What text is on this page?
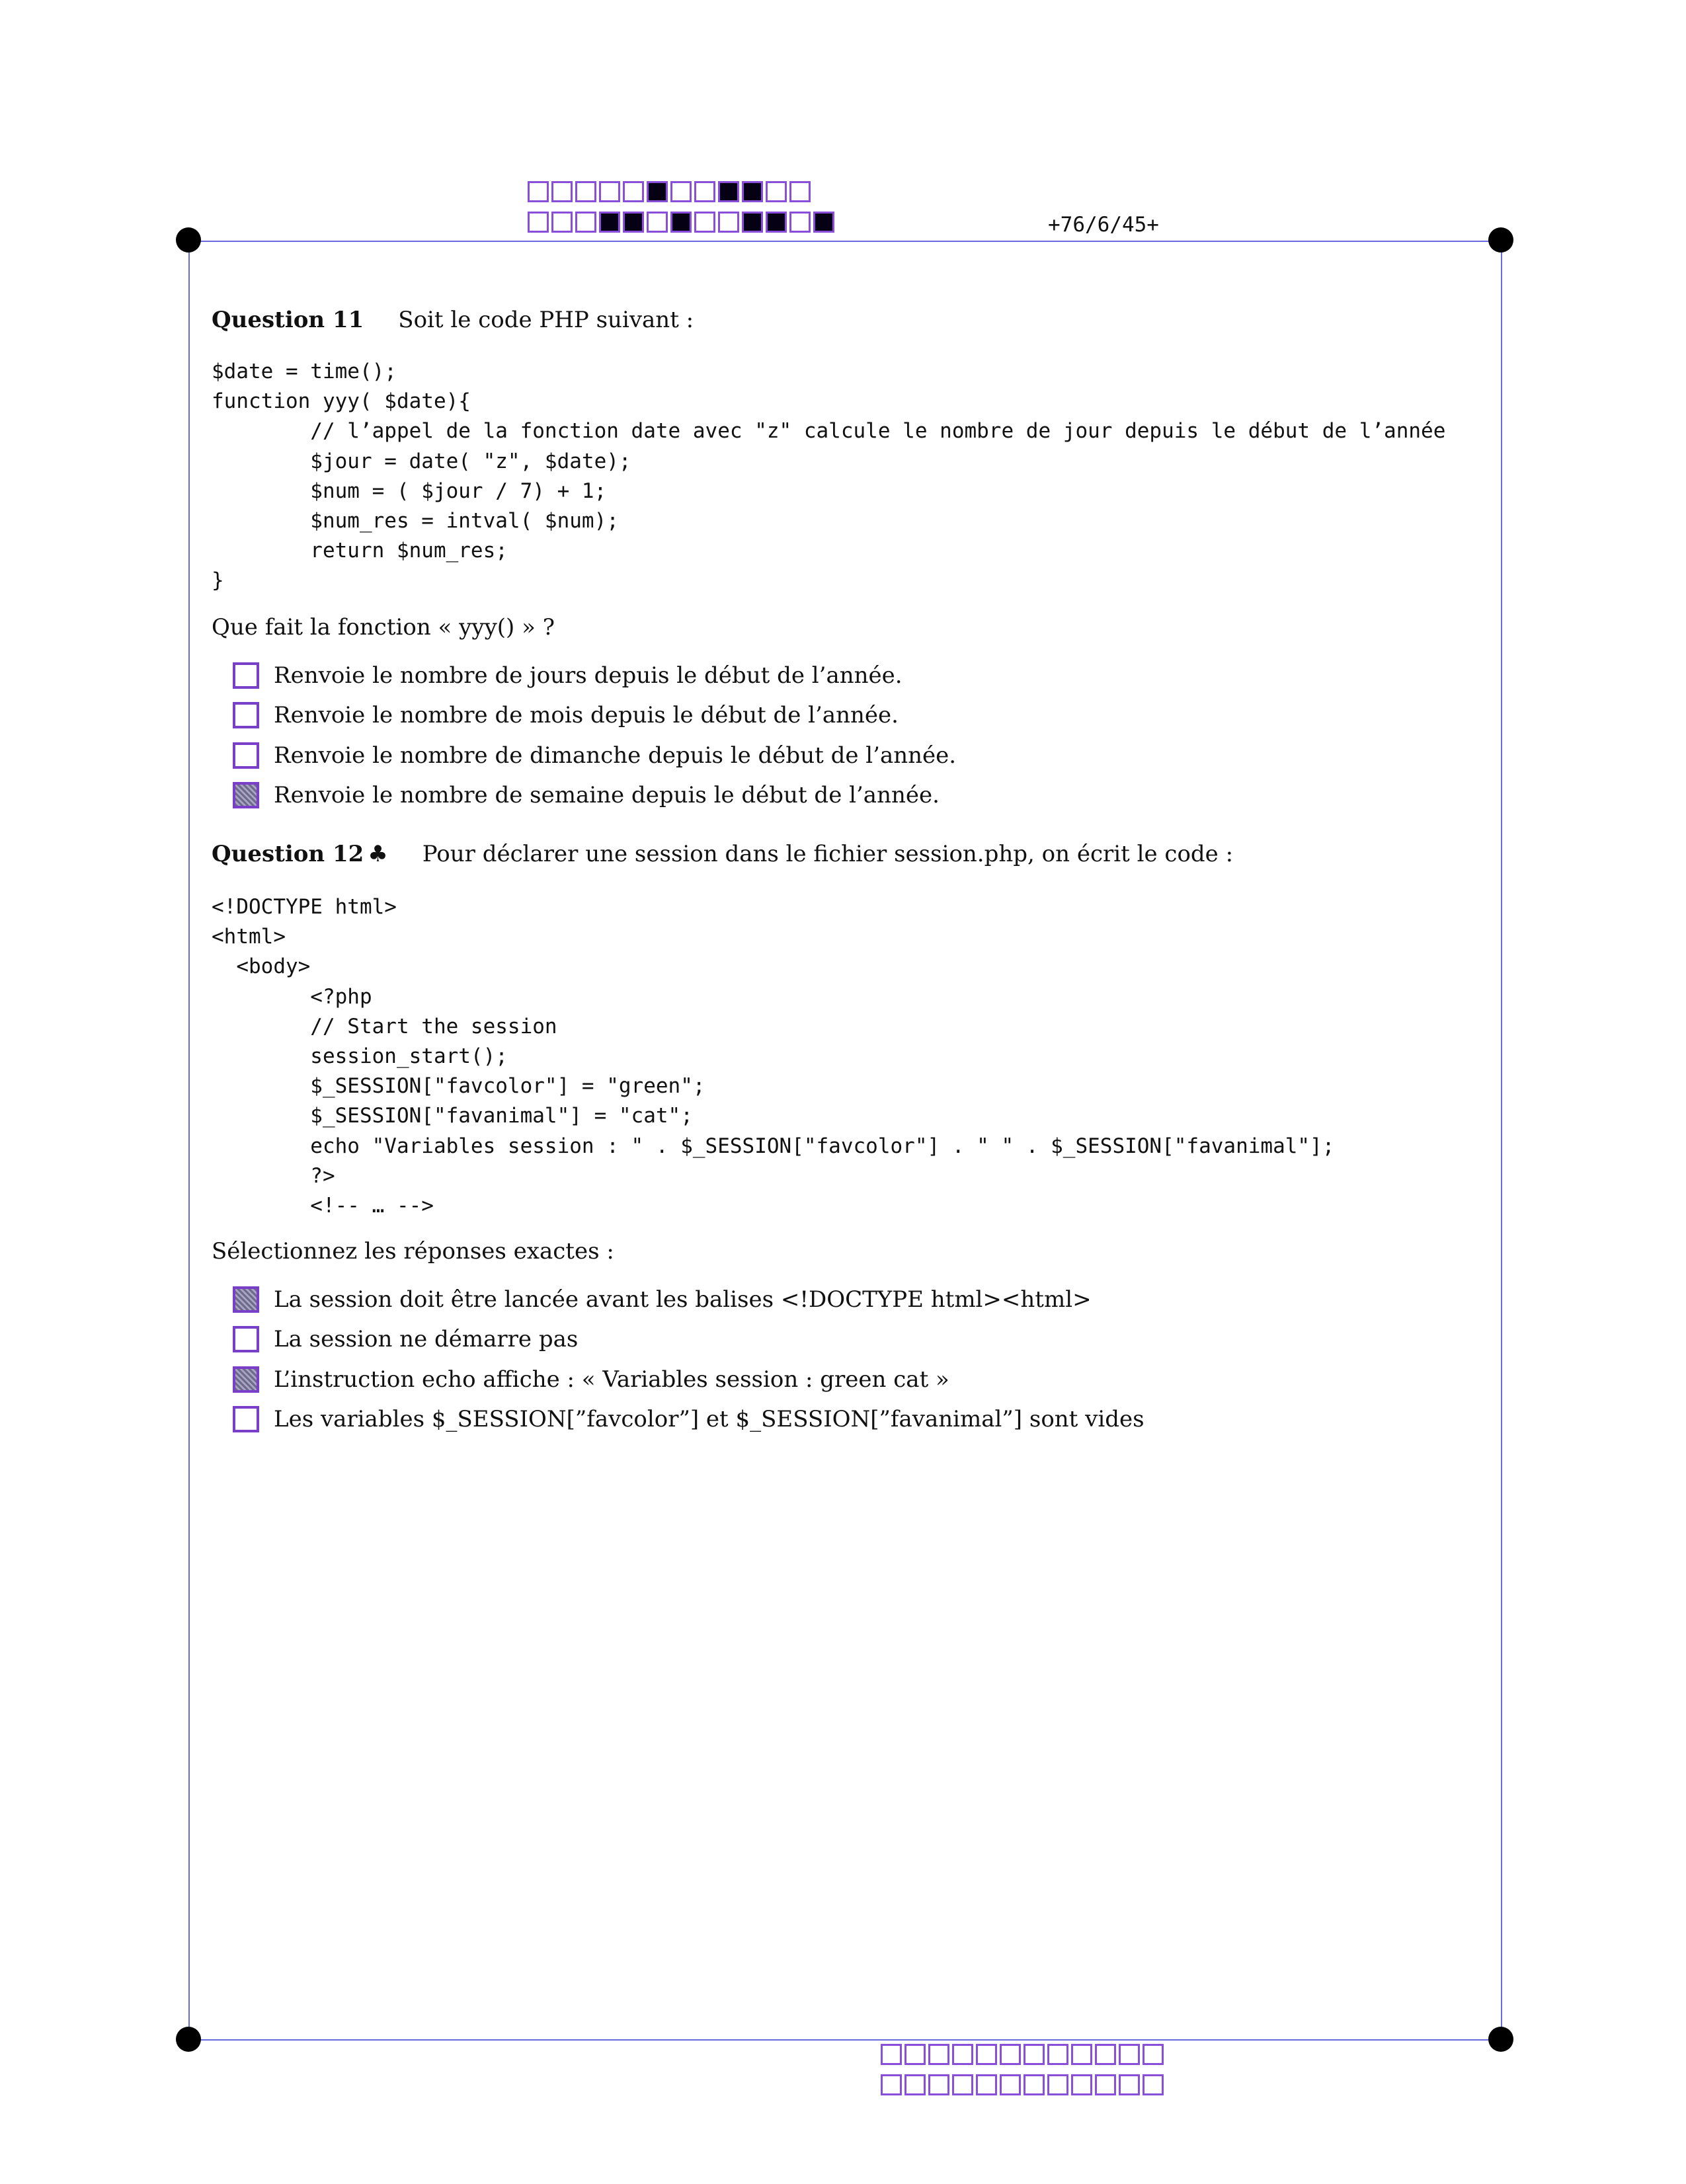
+76/6/45+
Question 11 Soit le code PHP suivant :
$date = time();
function yyy( $date){
// l’appel de la fonction date avec "z" calcule le nombre de jour depuis le début de l’année
$jour = date( "z", $date);
$num = ( $jour / 7) + 1;
$num_res = intval( $num);
return $num_res;
}
Que fait la fonction « yyy() » ?
Renvoie le nombre de jours depuis le début de l’année.
Renvoie le nombre de mois depuis le début de l’année.
Renvoie le nombre de dimanche depuis le début de l’année.
Renvoie le nombre de semaine depuis le début de l’année.
Question 12 ♣ Pour déclarer une session dans le fichier session.php, on écrit le code :
<!DOCTYPE html>
<html>
<body>
<?php
// Start the session
session_start();
$_SESSION["favcolor"] = "green";
$_SESSION["favanimal"] = "cat";
echo "Variables session : " . $_SESSION["favcolor"] . " " . $_SESSION["favanimal"];
?>
<!-- … -->
Sélectionnez les réponses exactes :
La session doit être lancée avant les balises <!DOCTYPE html><html>
La session ne démarre pas
L’instruction echo affiche : « Variables session : green cat »
Les variables $_SESSION[”favcolor”] et $_SESSION[”favanimal”] sont vides
